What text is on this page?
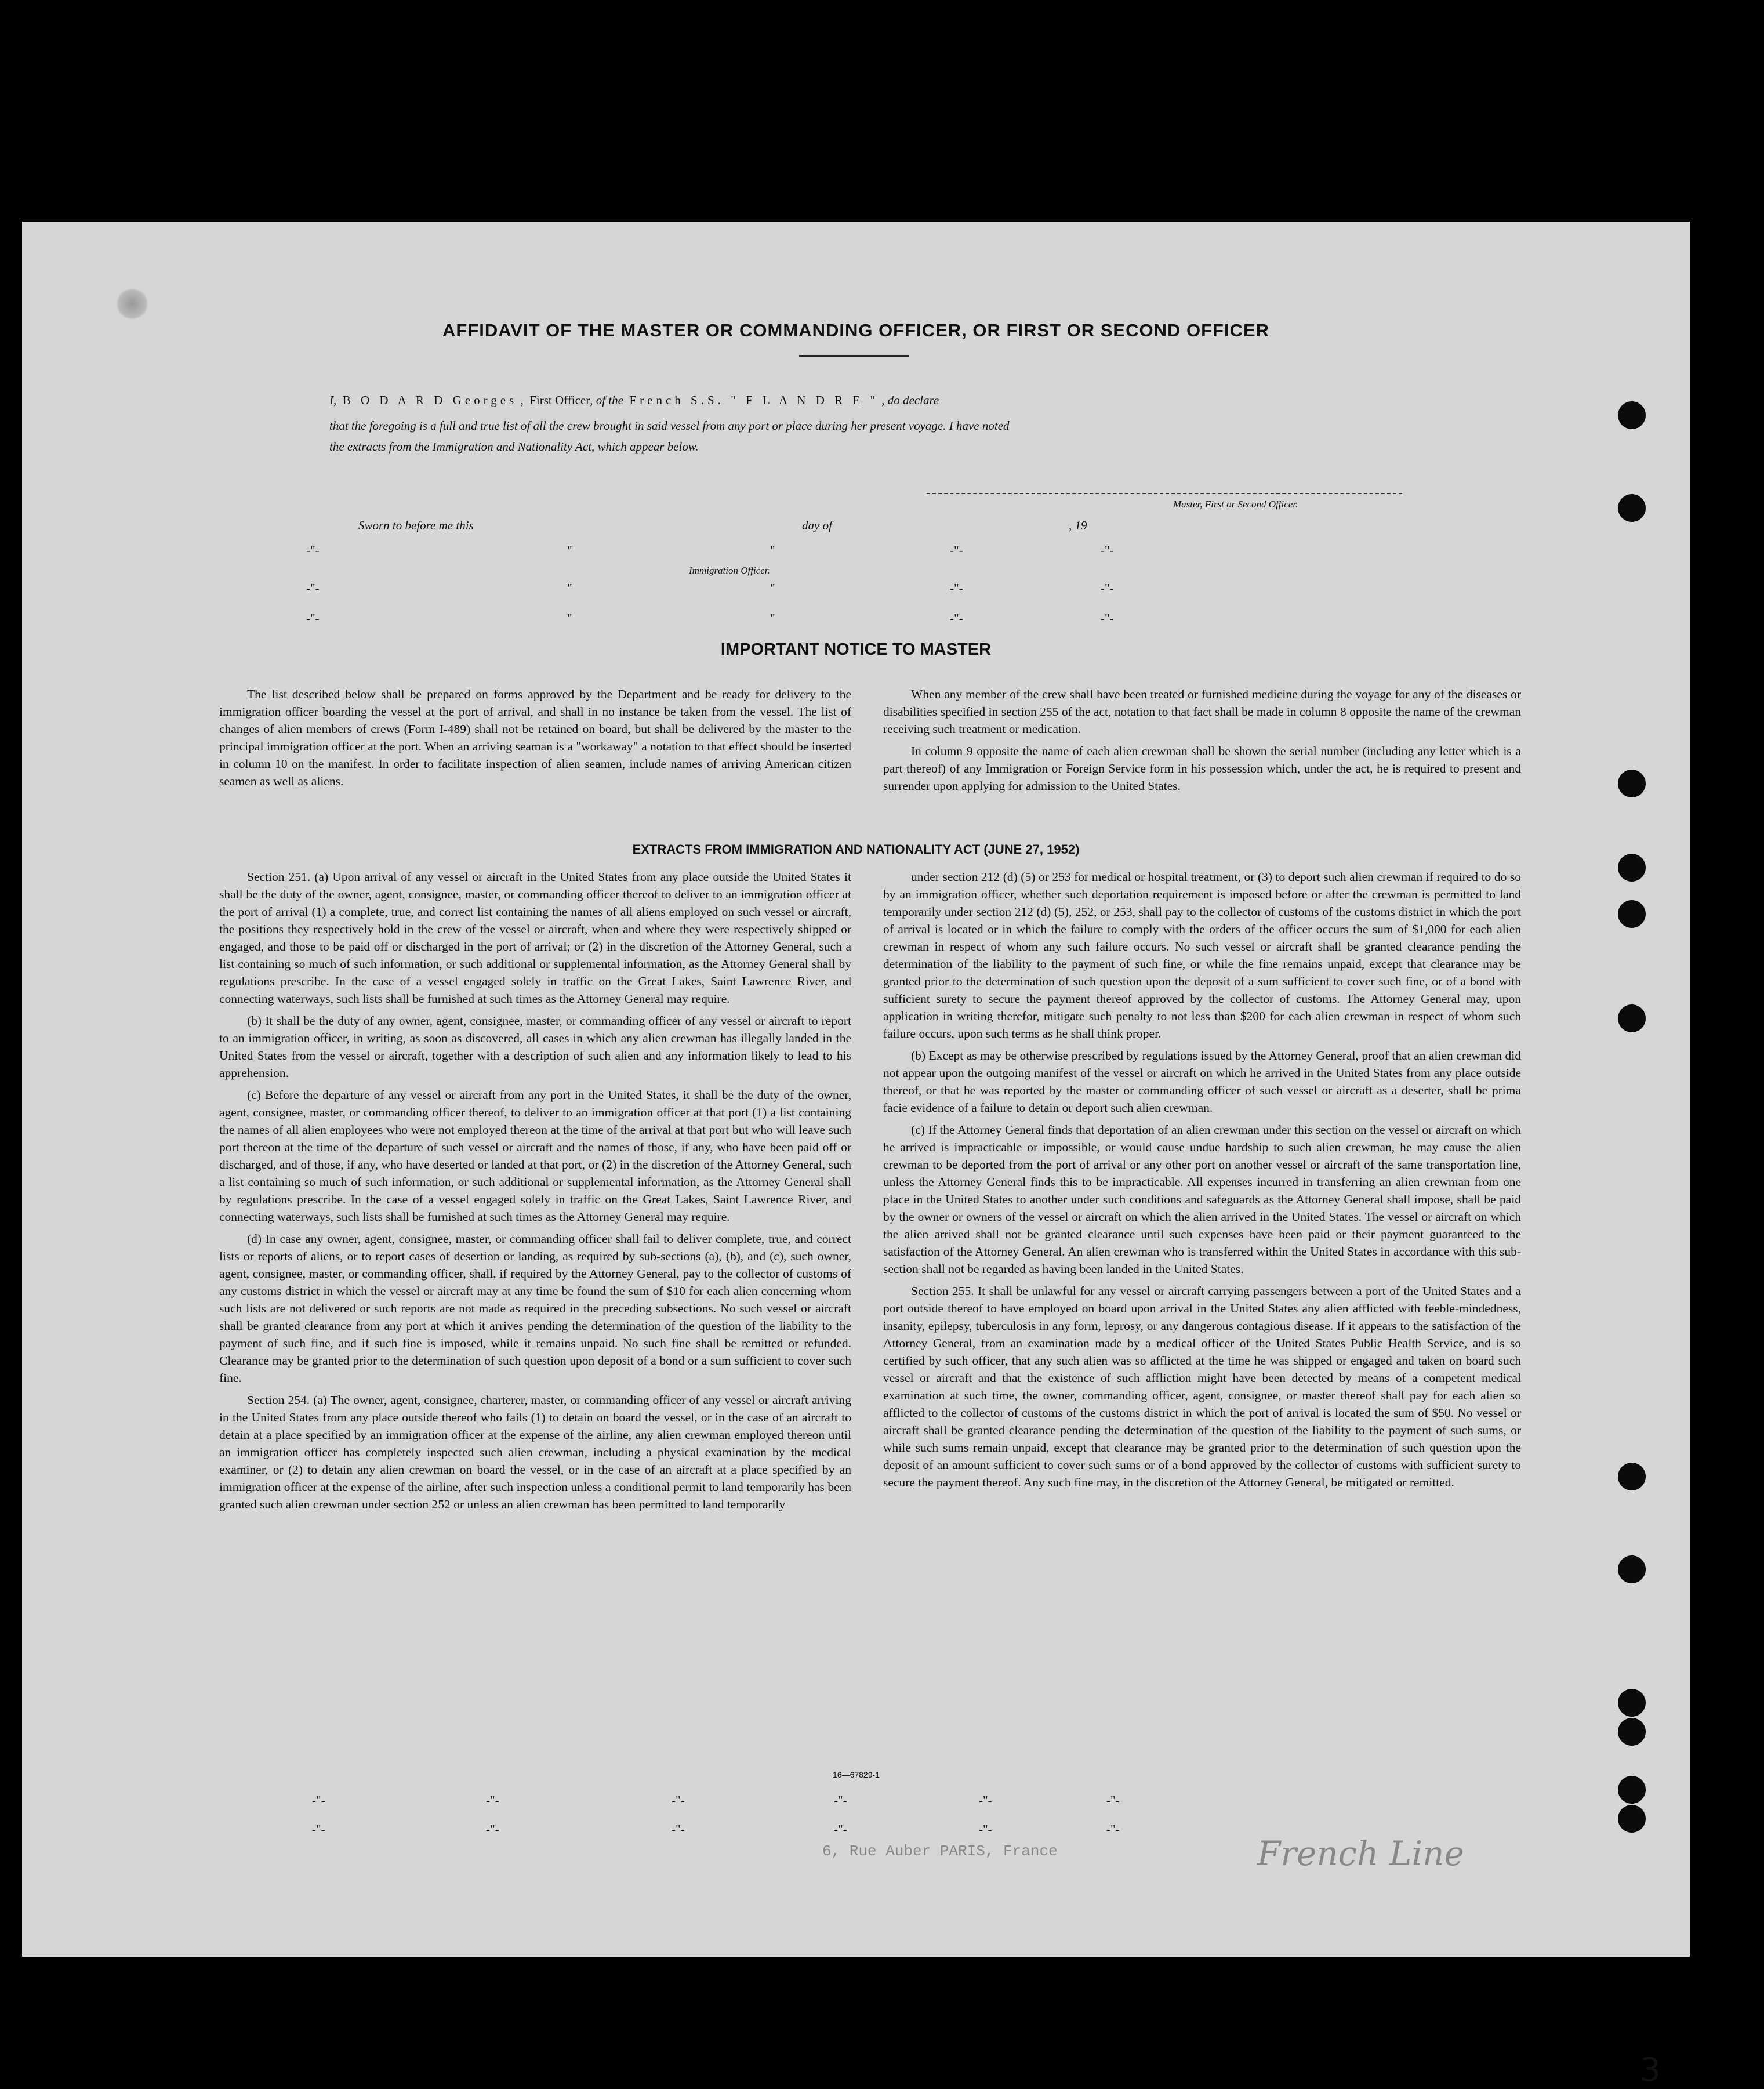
AFFIDAVIT OF THE MASTER OR COMMANDING OFFICER, OR FIRST OR SECOND OFFICER
I, B O D A R D Georges ,  First Officer, of the French S.S. " F L A N D R E " , do declare
that the foregoing is a full and true list of all the crew brought in said vessel from any port or place during her present voyage. I have noted
the extracts from the Immigration and Nationality Act, which appear below.
Master, First or Second Officer.
Sworn to before me this	day of	, 19
-"-	"	"	-"-	-"-
Immigration Officer.
-"-	"	"	-"-	-"-
-"-	"	"	-"-	-"-
IMPORTANT NOTICE TO MASTER

The list described below shall be prepared on forms approved by the Department and be ready for delivery to the immigration officer boarding the vessel at the port of arrival, and shall in no instance be taken from the vessel. The list of changes of alien members of crews (Form I-489) shall not be retained on board, but shall be delivered by the master to the principal immigration officer at the port. When an arriving seaman is a "workaway" a notation to that effect should be inserted in column 10 on the manifest. In order to facilitate inspection of alien seamen, include names of arriving American citizen seamen as well as aliens.

When any member of the crew shall have been treated or furnished medicine during the voyage for any of the diseases or disabilities specified in section 255 of the act, notation to that fact shall be made in column 8 opposite the name of the crewman receiving such treatment or medication.

In column 9 opposite the name of each alien crewman shall be shown the serial number (including any letter which is a part thereof) of any Immigration or Foreign Service form in his possession which, under the act, he is required to present and surrender upon applying for admission to the United States.

EXTRACTS FROM IMMIGRATION AND NATIONALITY ACT (JUNE 27, 1952)

Section 251. (a) Upon arrival of any vessel or aircraft in the United States from any place outside the United States it shall be the duty of the owner, agent, consignee, master, or commanding officer thereof to deliver to an immigration officer at the port of arrival (1) a complete, true, and correct list containing the names of all aliens employed on such vessel or aircraft, the positions they respectively hold in the crew of the vessel or aircraft, when and where they were respectively shipped or engaged, and those to be paid off or discharged in the port of arrival; or (2) in the discretion of the Attorney General, such a list containing so much of such information, or such additional or supplemental information, as the Attorney General shall by regulations prescribe. In the case of a vessel engaged solely in traffic on the Great Lakes, Saint Lawrence River, and connecting waterways, such lists shall be furnished at such times as the Attorney General may require.

(b) It shall be the duty of any owner, agent, consignee, master, or commanding officer of any vessel or aircraft to report to an immigration officer, in writing, as soon as discovered, all cases in which any alien crewman has illegally landed in the United States from the vessel or aircraft, together with a description of such alien and any information likely to lead to his apprehension.

(c) Before the departure of any vessel or aircraft from any port in the United States, it shall be the duty of the owner, agent, consignee, master, or commanding officer thereof, to deliver to an immigration officer at that port (1) a list containing the names of all alien employees who were not employed thereon at the time of the arrival at that port but who will leave such port thereon at the time of the departure of such vessel or aircraft and the names of those, if any, who have been paid off or discharged, and of those, if any, who have deserted or landed at that port, or (2) in the discretion of the Attorney General, such a list containing so much of such information, or such additional or supplemental information, as the Attorney General shall by regulations prescribe. In the case of a vessel engaged solely in traffic on the Great Lakes, Saint Lawrence River, and connecting waterways, such lists shall be furnished at such times as the Attorney General may require.

(d) In case any owner, agent, consignee, master, or commanding officer shall fail to deliver complete, true, and correct lists or reports of aliens, or to report cases of desertion or landing, as required by sub-sections (a), (b), and (c), such owner, agent, consignee, master, or commanding officer, shall, if required by the Attorney General, pay to the collector of customs of any customs district in which the vessel or aircraft may at any time be found the sum of $10 for each alien concerning whom such lists are not delivered or such reports are not made as required in the preceding subsections. No such vessel or aircraft shall be granted clearance from any port at which it arrives pending the determination of the question of the liability to the payment of such fine, and if such fine is imposed, while it remains unpaid. No such fine shall be remitted or refunded. Clearance may be granted prior to the determination of such question upon deposit of a bond or a sum sufficient to cover such fine.

Section 254. (a) The owner, agent, consignee, charterer, master, or commanding officer of any vessel or aircraft arriving in the United States from any place outside thereof who fails (1) to detain on board the vessel, or in the case of an aircraft to detain at a place specified by an immigration officer at the expense of the airline, any alien crewman employed thereon until an immigration officer has completely inspected such alien crewman, including a physical examination by the medical examiner, or (2) to detain any alien crewman on board the vessel, or in the case of an aircraft at a place specified by an immigration officer at the expense of the airline, after such inspection unless a conditional permit to land temporarily has been granted such alien crewman under section 252 or unless an alien crewman has been permitted to land temporarily

under section 212 (d) (5) or 253 for medical or hospital treatment, or (3) to deport such alien crewman if required to do so by an immigration officer, whether such deportation requirement is imposed before or after the crewman is permitted to land temporarily under section 212 (d) (5), 252, or 253, shall pay to the collector of customs of the customs district in which the port of arrival is located or in which the failure to comply with the orders of the officer occurs the sum of $1,000 for each alien crewman in respect of whom any such failure occurs. No such vessel or aircraft shall be granted clearance pending the determination of the liability to the payment of such fine, or while the fine remains unpaid, except that clearance may be granted prior to the determination of such question upon the deposit of a sum sufficient to cover such fine, or of a bond with sufficient surety to secure the payment thereof approved by the collector of customs. The Attorney General may, upon application in writing therefor, mitigate such penalty to not less than $200 for each alien crewman in respect of whom such failure occurs, upon such terms as he shall think proper.

(b) Except as may be otherwise prescribed by regulations issued by the Attorney General, proof that an alien crewman did not appear upon the outgoing manifest of the vessel or aircraft on which he arrived in the United States from any place outside thereof, or that he was reported by the master or commanding officer of such vessel or aircraft as a deserter, shall be prima facie evidence of a failure to detain or deport such alien crewman.

(c) If the Attorney General finds that deportation of an alien crewman under this section on the vessel or aircraft on which he arrived is impracticable or impossible, or would cause undue hardship to such alien crewman, he may cause the alien crewman to be deported from the port of arrival or any other port on another vessel or aircraft of the same transportation line, unless the Attorney General finds this to be impracticable. All expenses incurred in transferring an alien crewman from one place in the United States to another under such conditions and safeguards as the Attorney General shall impose, shall be paid by the owner or owners of the vessel or aircraft on which the alien arrived in the United States. The vessel or aircraft on which the alien arrived shall not be granted clearance until such expenses have been paid or their payment guaranteed to the satisfaction of the Attorney General. An alien crewman who is transferred within the United States in accordance with this sub-section shall not be regarded as having been landed in the United States.

Section 255. It shall be unlawful for any vessel or aircraft carrying passengers between a port of the United States and a port outside thereof to have employed on board upon arrival in the United States any alien afflicted with feeble-mindedness, insanity, epilepsy, tuberculosis in any form, leprosy, or any dangerous contagious disease. If it appears to the satisfaction of the Attorney General, from an examination made by a medical officer of the United States Public Health Service, and is so certified by such officer, that any such alien was so afflicted at the time he was shipped or engaged and taken on board such vessel or aircraft and that the existence of such affliction might have been detected by means of a competent medical examination at such time, the owner, commanding officer, agent, consignee, or master thereof shall pay for each alien so afflicted to the collector of customs of the customs district in which the port of arrival is located the sum of $50. No vessel or aircraft shall be granted clearance pending the determination of the question of the liability to the payment of such sums, or while such sums remain unpaid, except that clearance may be granted prior to the determination of such question upon the deposit of an amount sufficient to cover such sums or of a bond approved by the collector of customs with sufficient surety to secure the payment thereof. Any such fine may, in the discretion of the Attorney General, be mitigated or remitted.

16—67829-1
-"-	-"-	-"-	-"-	-"-	-"-
-"-	-"-	-"-	-"-	-"-	-"-
French Line
6, Rue Auber PARIS, France
3
